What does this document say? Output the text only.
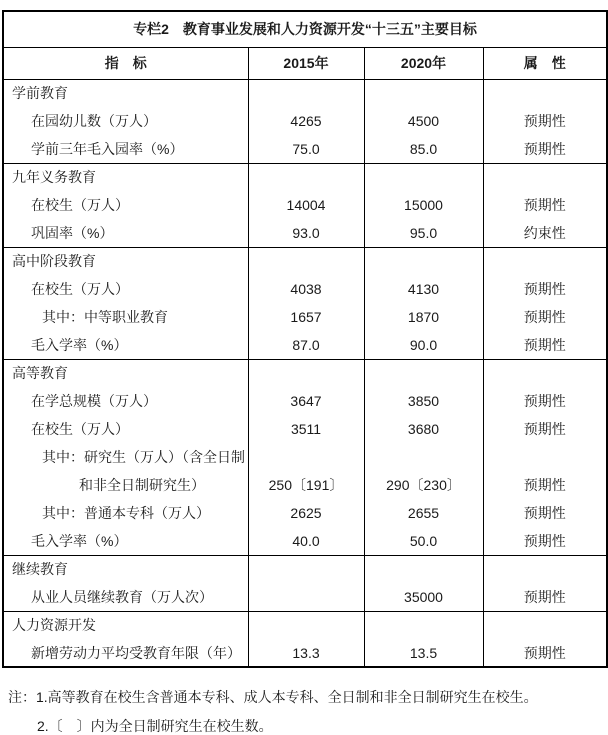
专栏2　教育事业发展和人力资源开发“十三五”主要目标			
指　标	2015年	2020年	属　性
学前教育			
在园幼儿数（万人）	4265	4500	预期性
学前三年毛入园率（%）	75.0	85.0	预期性
九年义务教育			
在校生（万人）	14004	15000	预期性
巩固率（%）	93.0	95.0	约束性
高中阶段教育			
在校生（万人）	4038	4130	预期性
其中：中等职业教育	1657	1870	预期性
毛入学率（%）	87.0	90.0	预期性
高等教育			
在学总规模（万人）	3647	3850	预期性
在校生（万人）	3511	3680	预期性

其中：研究生（万人）（含全日制
和非全日制研究生）	250〔191〕	290〔230〕	预期性

其中：普通本专科（万人）	2625	2655	预期性
毛入学率（%）	40.0	50.0	预期性
继续教育			
从业人员继续教育（万人次）		35000	预期性
人力资源开发			
新增劳动力平均受教育年限（年）	13.3	13.5	预期性

注：1.高等教育在校生含普通本专科、成人本专科、全日制和非全日制研究生在校生。

2.〔　〕内为全日制研究生在校生数。
